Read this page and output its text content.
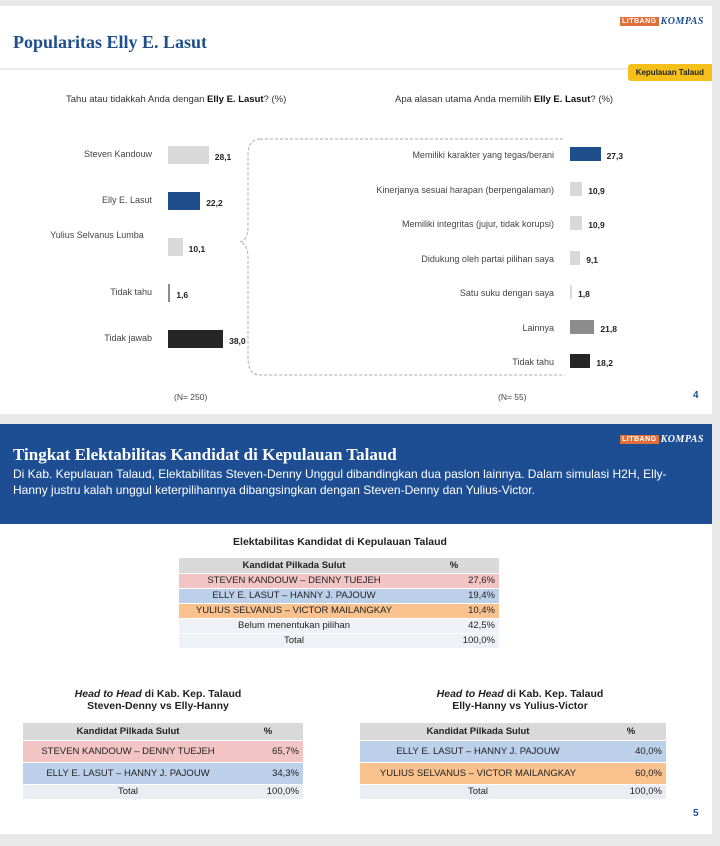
LITBANG KOMPAS
Popularitas Elly E. Lasut
Kepulauan Talaud
Tahu atau tidakkah Anda dengan Elly E. Lasut? (%)	Apa alasan utama Anda memilih Elly E. Lasut? (%)
Steven Kandouw	28,1
Elly E. Lasut	22,2
Yulius Selvanus Lumba
10,1
Tidak tahu	1,6
Tidak jawab	38,0
Memiliki karakter yang tegas/berani	27,3
Kinerjanya sesuai harapan (berpengalaman)	10,9
Memiliki integritas (jujur, tidak korupsi)	10,9
Didukung oleh partai pilihan saya	9,1
Satu suku dengan saya	1,8
Lainnya	21,8
Tidak tahu	18,2
(N= 250)	(N= 55)	4
LITBANG KOMPAS
Tingkat Elektabilitas Kandidat di Kepulauan Talaud
Di Kab. Kepulauan Talaud, Elektabilitas Steven-Denny Unggul dibandingkan dua paslon lainnya. Dalam simulasi H2H, Elly-Hanny justru kalah unggul keterpilihannya dibangsingkan dengan Steven-Denny dan Yulius-Victor.
Elektabilitas Kandidat di Kepulauan Talaud
Kandidat Pilkada Sulut	%
STEVEN KANDOUW – DENNY TUEJEH	27,6%
ELLY E. LASUT – HANNY J. PAJOUW	19,4%
YULIUS SELVANUS – VICTOR MAILANGKAY	10,4%
Belum menentukan pilihan	42,5%
Total	100,0%
Head to Head di Kab. Kep. Talaud
Steven-Denny vs Elly-Hanny
Kandidat Pilkada Sulut	%
STEVEN KANDOUW – DENNY TUEJEH	65,7%
ELLY E. LASUT – HANNY J. PAJOUW	34,3%
Total	100,0%
Head to Head di Kab. Kep. Talaud
Elly-Hanny vs Yulius-Victor
Kandidat Pilkada Sulut	%
ELLY E. LASUT – HANNY J. PAJOUW	40,0%
YULIUS SELVANUS – VICTOR MAILANGKAY	60,0%
Total	100,0%
5
